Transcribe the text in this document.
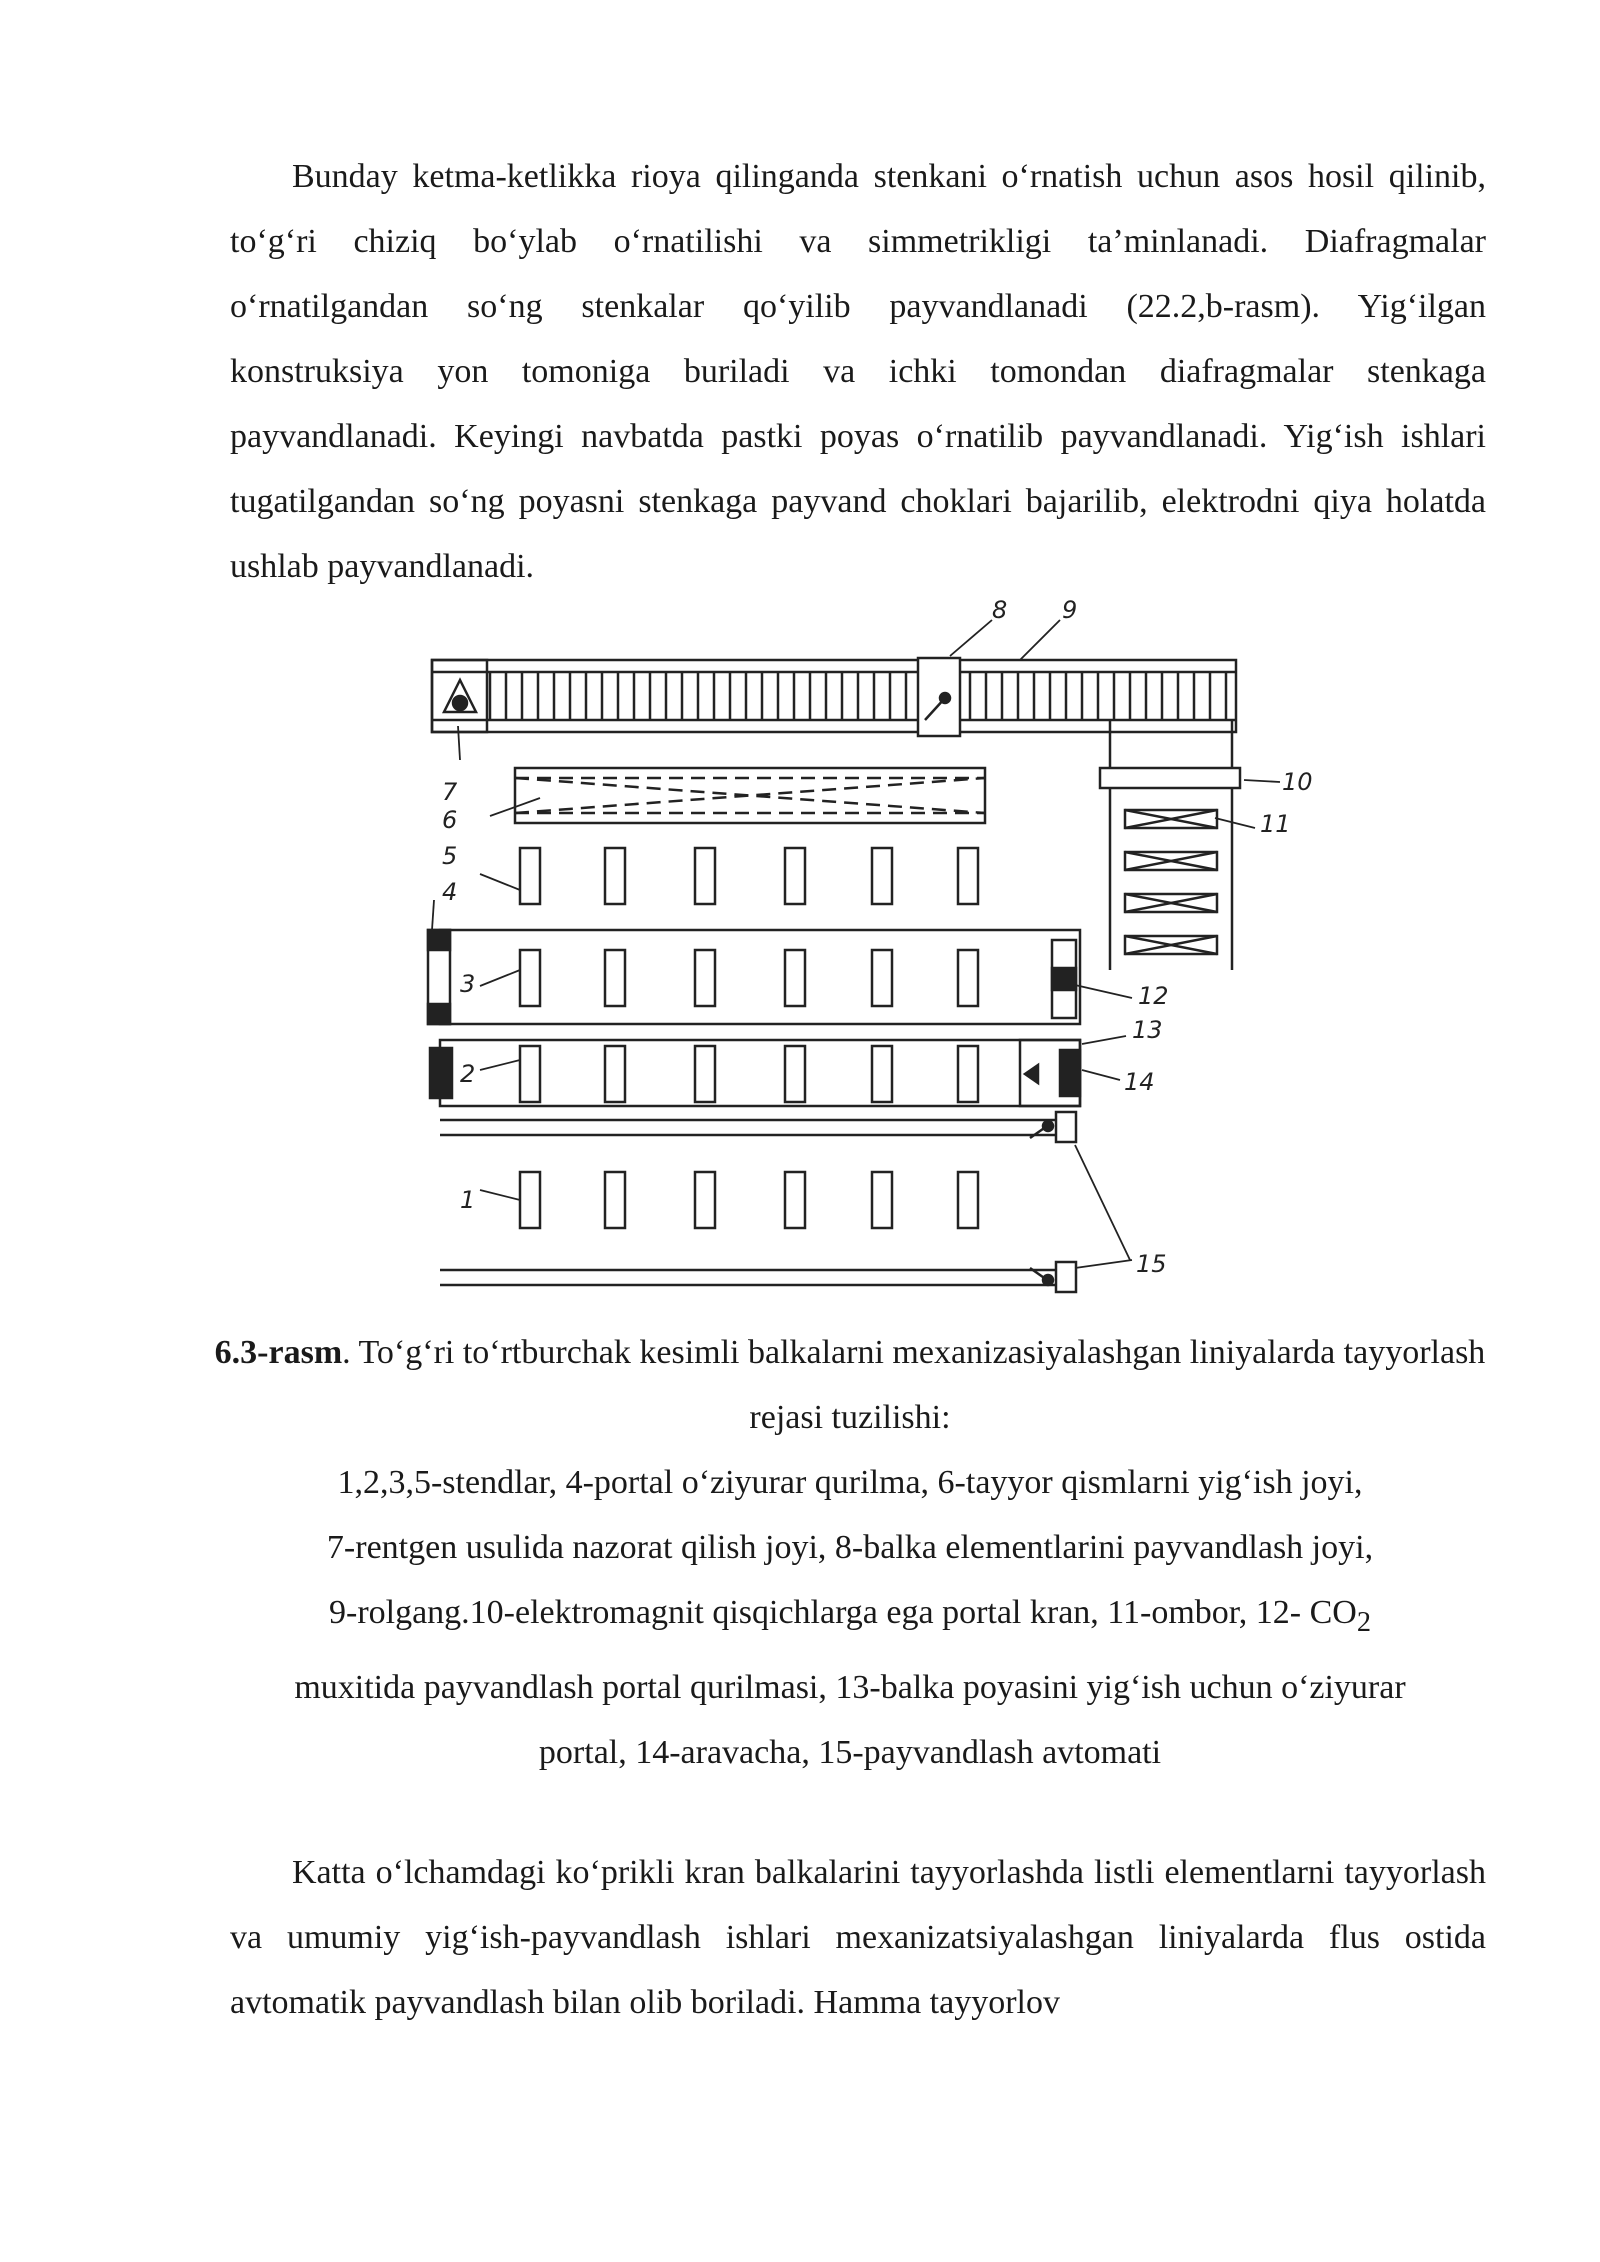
Bunday ketma-ketlikka rioya qilinganda stenkani o‘rnatish uchun asos hosil qilinib, to‘g‘ri chiziq bo‘ylab o‘rnatilishi va simmetrikligi ta’minlanadi. Diafragmalar o‘rnatilgandan so‘ng stenkalar qo‘yilib payvandlanadi (22.2,b-rasm). Yig‘ilgan konstruksiya yon tomoniga buriladi va ichki tomondan diafragmalar stenkaga payvandlanadi. Keyingi navbatda pastki poyas o‘rnatilib payvandlanadi. Yig‘ish ishlari tugatilgandan so‘ng poyasni stenkaga payvand choklari bajarilib, elektrodni qiya holatda ushlab payvandlanadi.

1
2
3
4
5
6
7
8 9
10
11
12
13
14
15
6.3-rasm. To‘g‘ri to‘rtburchak kesimli balkalarni mexanizasiyalashgan liniyalarda tayyorlash rejasi tuzilishi:
1,2,3,5-stendlar, 4-portal o‘ziyurar qurilma, 6-tayyor qismlarni yig‘ish joyi,
7-rentgen usulida nazorat qilish joyi, 8-balka elementlarini payvandlash joyi,
9-rolgang.10-elektromagnit qisqichlarga ega portal kran, 11-ombor, 12- $CO_2$
muxitida payvandlash portal qurilmasi, 13-balka poyasini yig‘ish uchun o‘ziyurar
portal, 14-aravacha, 15-payvandlash avtomati

Katta o‘lchamdagi ko‘prikli kran balkalarini tayyorlashda listli elementlarni tayyorlash va umumiy yig‘ish-payvandlash ishlari mexanizatsiyalashgan liniyalarda flus ostida avtomatik payvandlash bilan olib boriladi. Hamma tayyorlov
